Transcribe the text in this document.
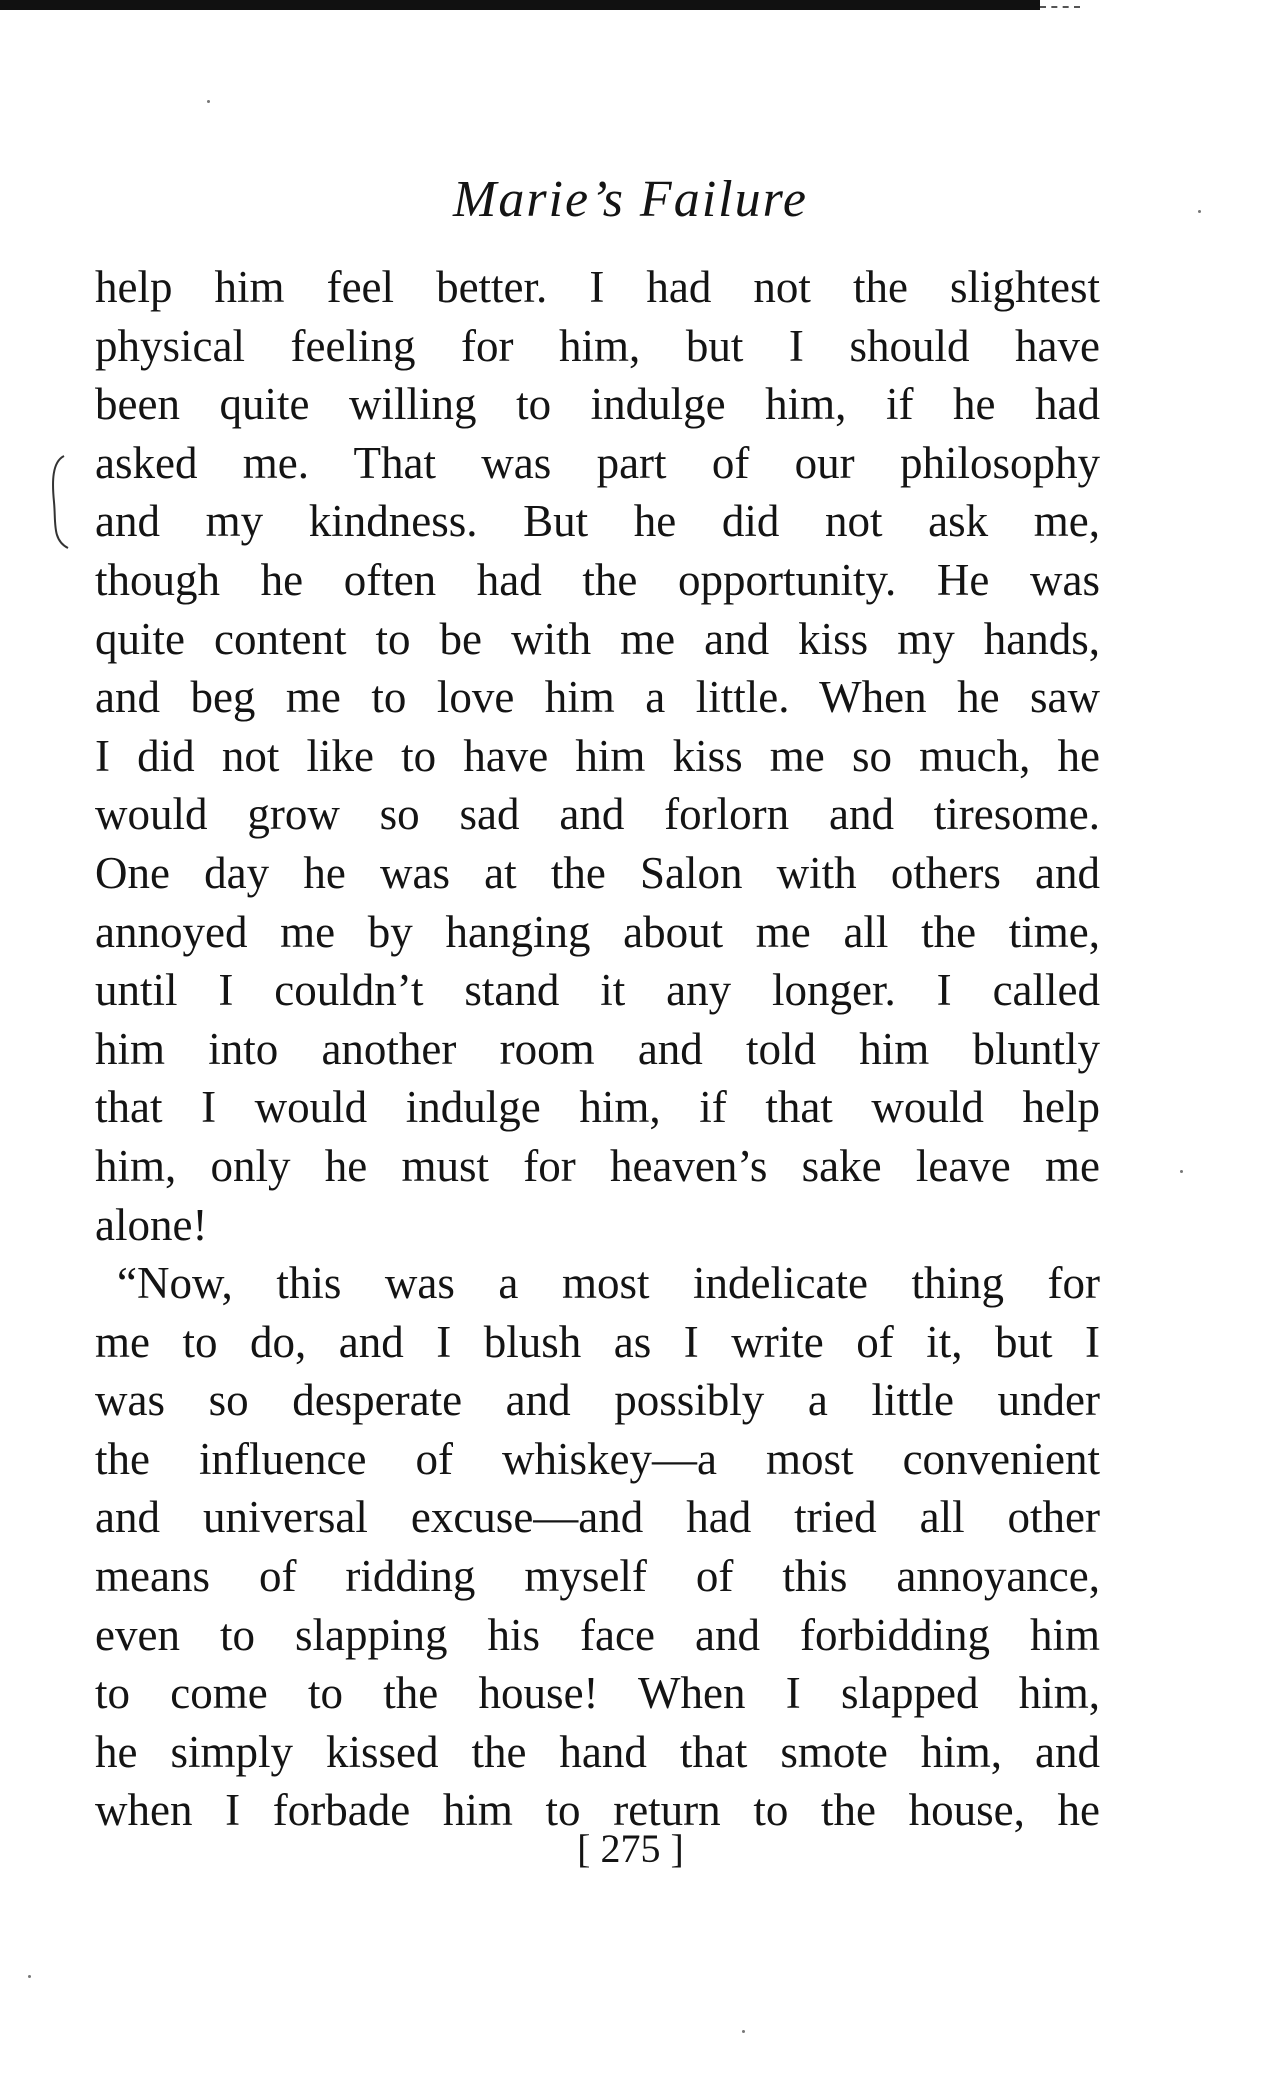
Marie’s Failure
help him feel better. I had not the slightest
physical feeling for him, but I should have
been quite willing to indulge him, if he had
asked me. That was part of our philosophy
and my kindness. But he did not ask me,
though he often had the opportunity. He was
quite content to be with me and kiss my hands,
and beg me to love him a little. When he saw
I did not like to have him kiss me so much, he
would grow so sad and forlorn and tiresome.
One day he was at the Salon with others and
annoyed me by hanging about me all the time,
until I couldn’t stand it any longer. I called
him into another room and told him bluntly
that I would indulge him, if that would help
him, only he must for heaven’s sake leave me
alone!
“Now, this was a most indelicate thing for
me to do, and I blush as I write of it, but I
was so desperate and possibly a little under
the influence of whiskey—a most convenient
and universal excuse—and had tried all other
means of ridding myself of this annoyance,
even to slapping his face and forbidding him
to come to the house! When I slapped him,
he simply kissed the hand that smote him, and
when I forbade him to return to the house, he
[ 275 ]
